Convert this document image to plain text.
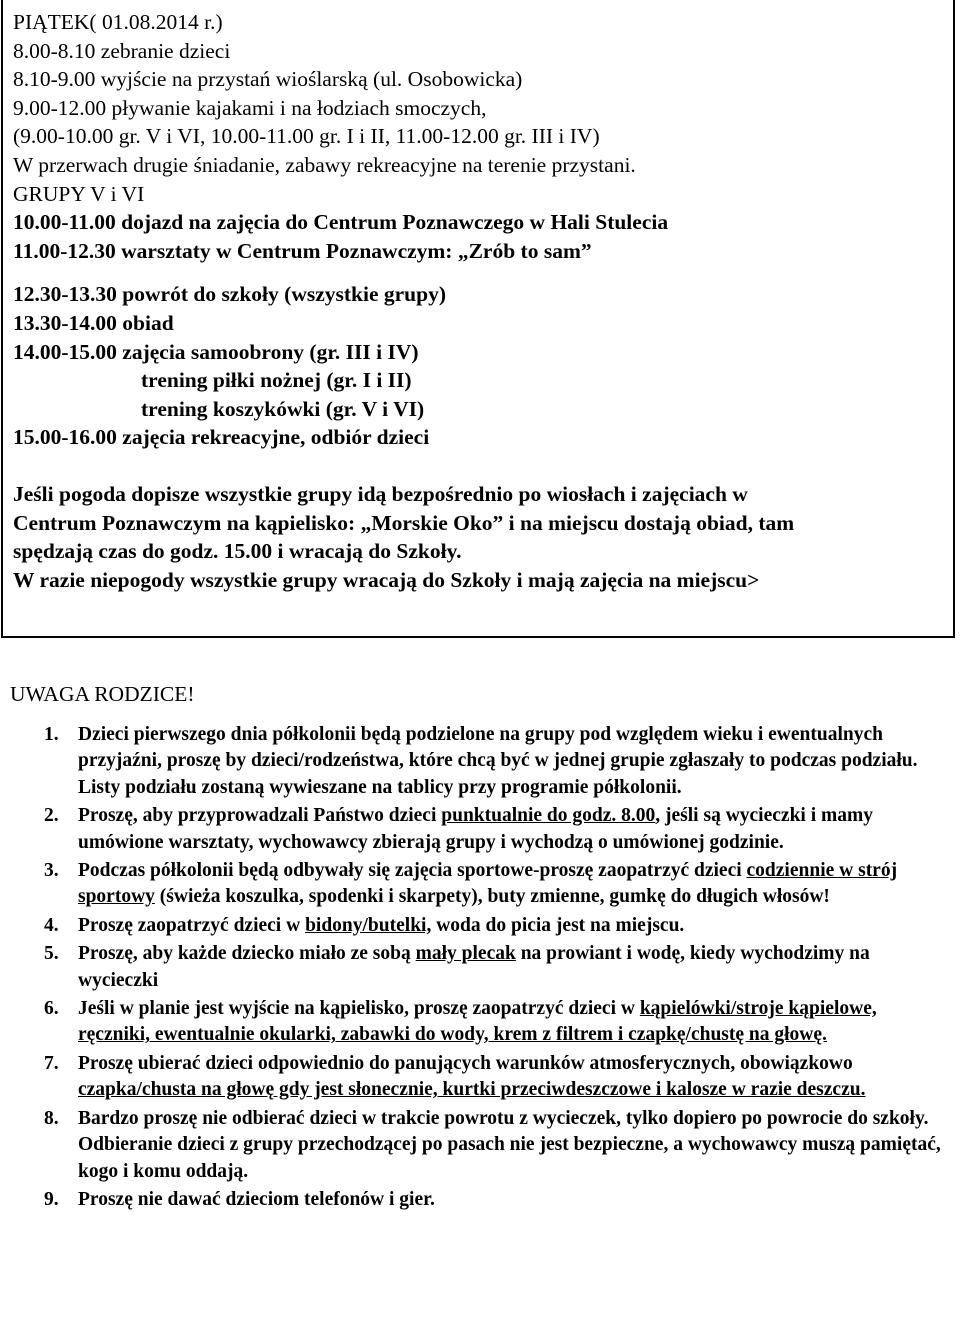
PIĄTEK( 01.08.2014 r.)
8.00-8.10 zebranie dzieci
8.10-9.00 wyjście na przystań wioślarską (ul. Osobowicka)
9.00-12.00 pływanie kajakami i na łodziach smoczych,
(9.00-10.00 gr. V i VI, 10.00-11.00 gr. I i II, 11.00-12.00 gr. III i IV)
W przerwach drugie śniadanie, zabawy rekreacyjne na terenie przystani.
GRUPY V i VI
10.00-11.00 dojazd na zajęcia do Centrum Poznawczego w Hali Stulecia
11.00-12.30 warsztaty w Centrum Poznawczym: „Zrób to sam”
12.30-13.30 powrót do szkoły (wszystkie grupy)
13.30-14.00 obiad
14.00-15.00 zajęcia samoobrony (gr. III i IV)
trening piłki nożnej (gr. I i II)
trening koszykówki (gr. V i VI)
15.00-16.00 zajęcia rekreacyjne, odbiór dzieci
Jeśli pogoda dopisze wszystkie grupy idą bezpośrednio po wiosłach i zajęciach w
Centrum Poznawczym na kąpielisko: „Morskie Oko” i na miejscu dostają obiad, tam
spędzają czas do godz. 15.00 i wracają do Szkoły.
W razie niepogody wszystkie grupy wracają do Szkoły i mają zajęcia na miejscu>
UWAGA RODZICE!
1. Dzieci pierwszego dnia półkolonii będą podzielone na grupy pod względem wieku i ewentualnych przyjaźni, proszę by dzieci/rodzeństwa, które chcą być w jednej grupie zgłaszały to podczas podziału. Listy podziału zostaną wywieszane na tablicy przy programie półkolonii.
2. Proszę, aby przyprowadzali Państwo dzieci punktualnie do godz. 8.00, jeśli są wycieczki i mamy umówione warsztaty, wychowawcy zbierają grupy i wychodzą o umówionej godzinie.
3. Podczas półkolonii będą odbywały się zajęcia sportowe-proszę zaopatrzyć dzieci codziennie w strój sportowy (świeża koszulka, spodenki i skarpety), buty zmienne, gumkę do długich włosów!
4. Proszę zaopatrzyć dzieci w bidony/butelki, woda do picia jest na miejscu.
5. Proszę, aby każde dziecko miało ze sobą mały plecak na prowiant i wodę, kiedy wychodzimy na wycieczki
6. Jeśli w planie jest wyjście na kąpielisko, proszę zaopatrzyć dzieci w kąpielówki/stroje kąpielowe, ręczniki, ewentualnie okularki, zabawki do wody, krem z filtrem i czapkę/chustę na głowę.
7. Proszę ubierać dzieci odpowiednio do panujących warunków atmosferycznych, obowiązkowo czapka/chusta na głowę gdy jest słonecznie, kurtki przeciwdeszczowe i kalosze w razie deszczu.
8. Bardzo proszę nie odbierać dzieci w trakcie powrotu z wycieczek, tylko dopiero po powrocie do szkoły. Odbieranie dzieci z grupy przechodzącej po pasach nie jest bezpieczne, a wychowawcy muszą pamiętać, kogo i komu oddają.
9. Proszę nie dawać dzieciom telefonów i gier.
